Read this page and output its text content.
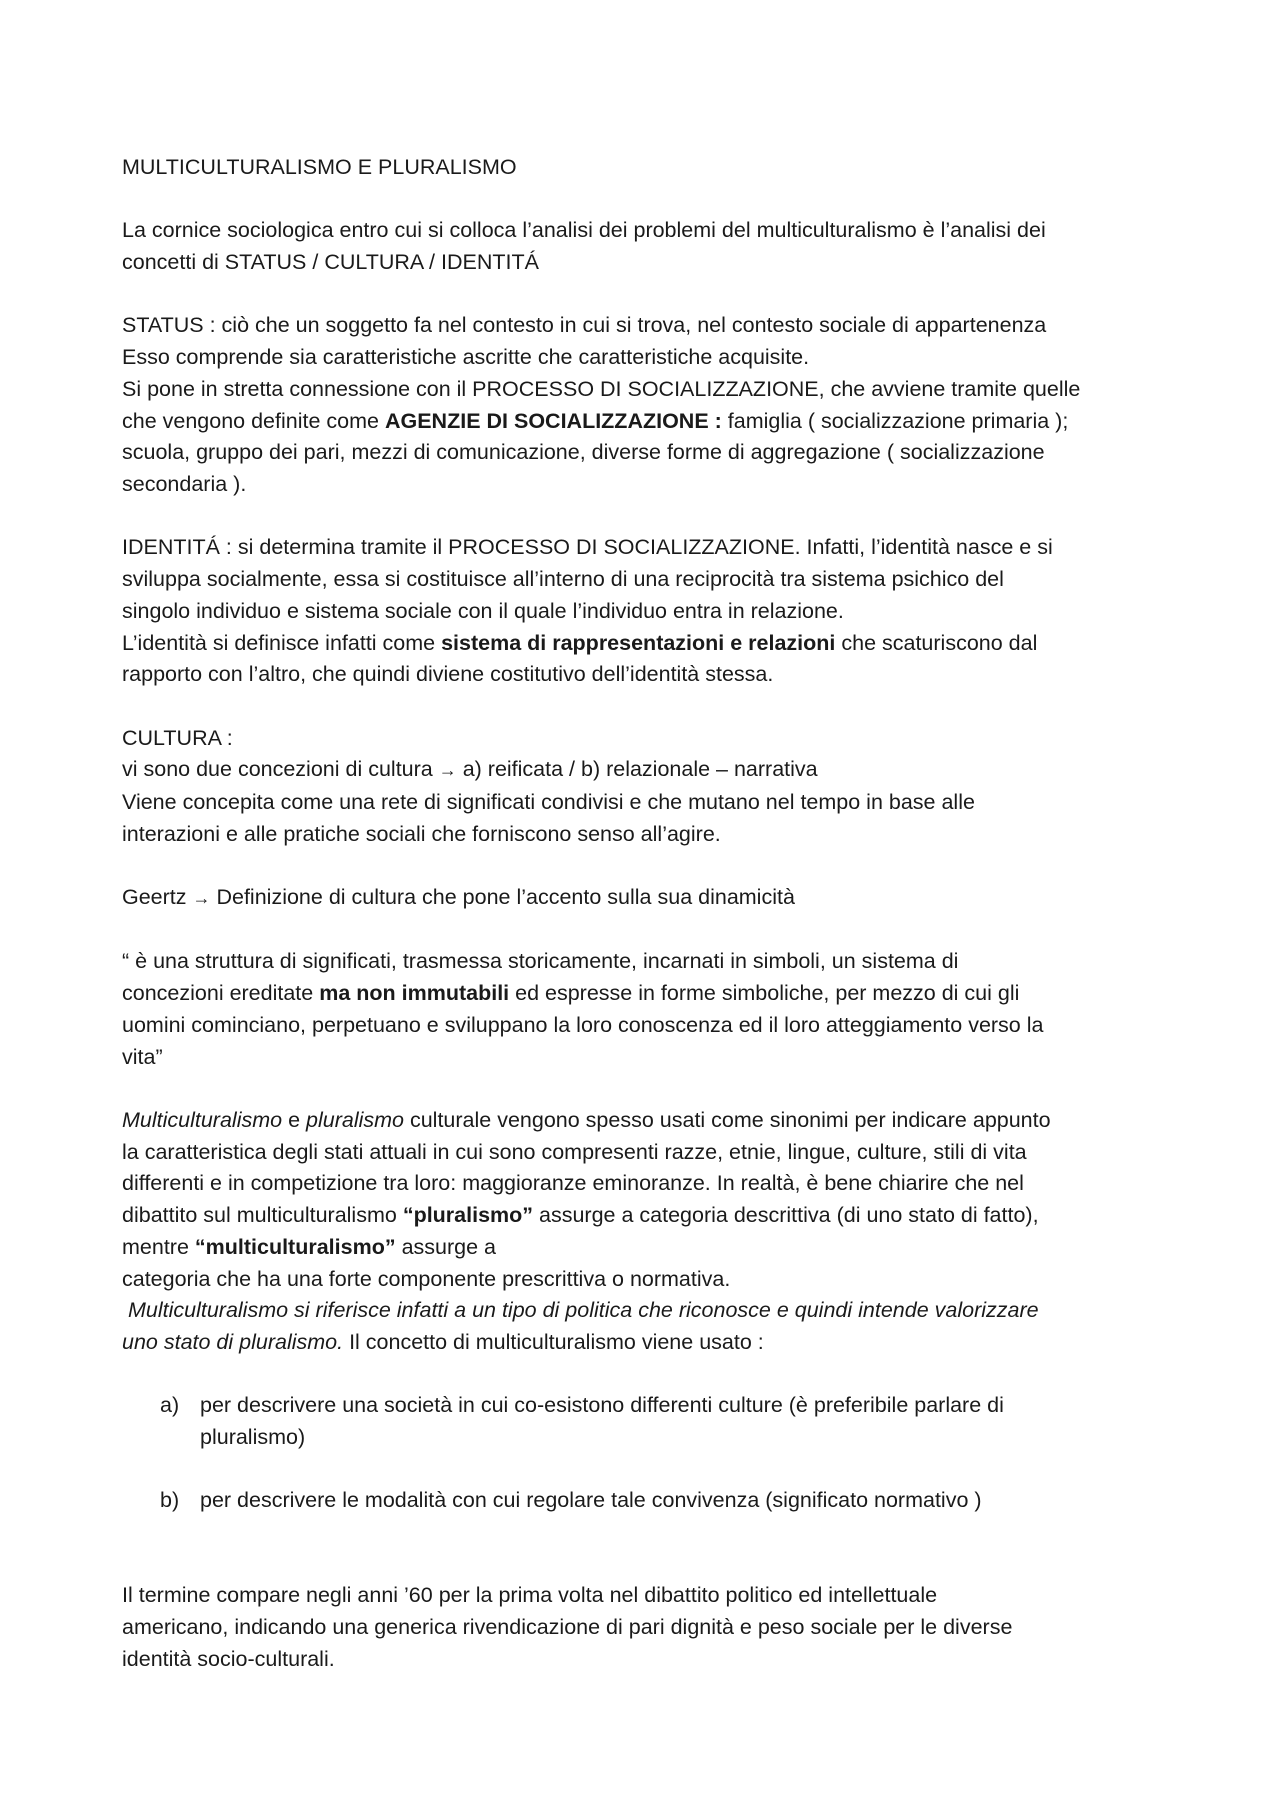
MULTICULTURALISMO E PLURALISMO

La cornice sociologica entro cui si colloca l’analisi dei problemi del multiculturalismo è l’analisi dei
concetti di STATUS / CULTURA / IDENTITÁ

STATUS : ciò che un soggetto fa nel contesto in cui si trova, nel contesto sociale di appartenenza
Esso comprende sia caratteristiche ascritte che caratteristiche acquisite.
Si pone in stretta connessione con il PROCESSO DI SOCIALIZZAZIONE, che avviene tramite quelle
che vengono definite come AGENZIE DI SOCIALIZZAZIONE : famiglia ( socializzazione primaria );
scuola, gruppo dei pari, mezzi di comunicazione, diverse forme di aggregazione ( socializzazione
secondaria ).

IDENTITÁ : si determina tramite il PROCESSO DI SOCIALIZZAZIONE. Infatti, l’identità nasce e si
sviluppa socialmente, essa si costituisce all’interno di una reciprocità tra sistema psichico del
singolo individuo e sistema sociale con il quale l’individuo entra in relazione.
L’identità si definisce infatti come sistema di rappresentazioni e relazioni che scaturiscono dal
rapporto con l’altro, che quindi diviene costitutivo dell’identità stessa.

CULTURA :
vi sono due concezioni di cultura → a) reificata / b) relazionale – narrativa
Viene concepita come una rete di significati condivisi e che mutano nel tempo in base alle
interazioni e alle pratiche sociali che forniscono senso all’agire.

Geertz → Definizione di cultura che pone l’accento sulla sua dinamicità

“ è una struttura di significati, trasmessa storicamente, incarnati in simboli, un sistema di
concezioni ereditate ma non immutabili ed espresse in forme simboliche, per mezzo di cui gli
uomini cominciano, perpetuano e sviluppano la loro conoscenza ed il loro atteggiamento verso la
vita”

Multiculturalismo e pluralismo culturale vengono spesso usati come sinonimi per indicare appunto
la caratteristica degli stati attuali in cui sono compresenti razze, etnie, lingue, culture, stili di vita
differenti e in competizione tra loro: maggioranze eminoranze. In realtà, è bene chiarire che nel
dibattito sul multiculturalismo “pluralismo” assurge a categoria descrittiva (di uno stato di fatto),
mentre “multiculturalismo” assurge a
categoria che ha una forte componente prescrittiva o normativa.
Multiculturalismo si riferisce infatti a un tipo di politica che riconosce e quindi intende valorizzare
uno stato di pluralismo. Il concetto di multiculturalismo viene usato :

a) per descrivere una società in cui co-esistono differenti culture (è preferibile parlare di
pluralismo)
b) per descrivere le modalità con cui regolare tale convivenza (significato normativo )

Il termine compare negli anni ’60 per la prima volta nel dibattito politico ed intellettuale
americano, indicando una generica rivendicazione di pari dignità e peso sociale per le diverse
identità socio-culturali.
